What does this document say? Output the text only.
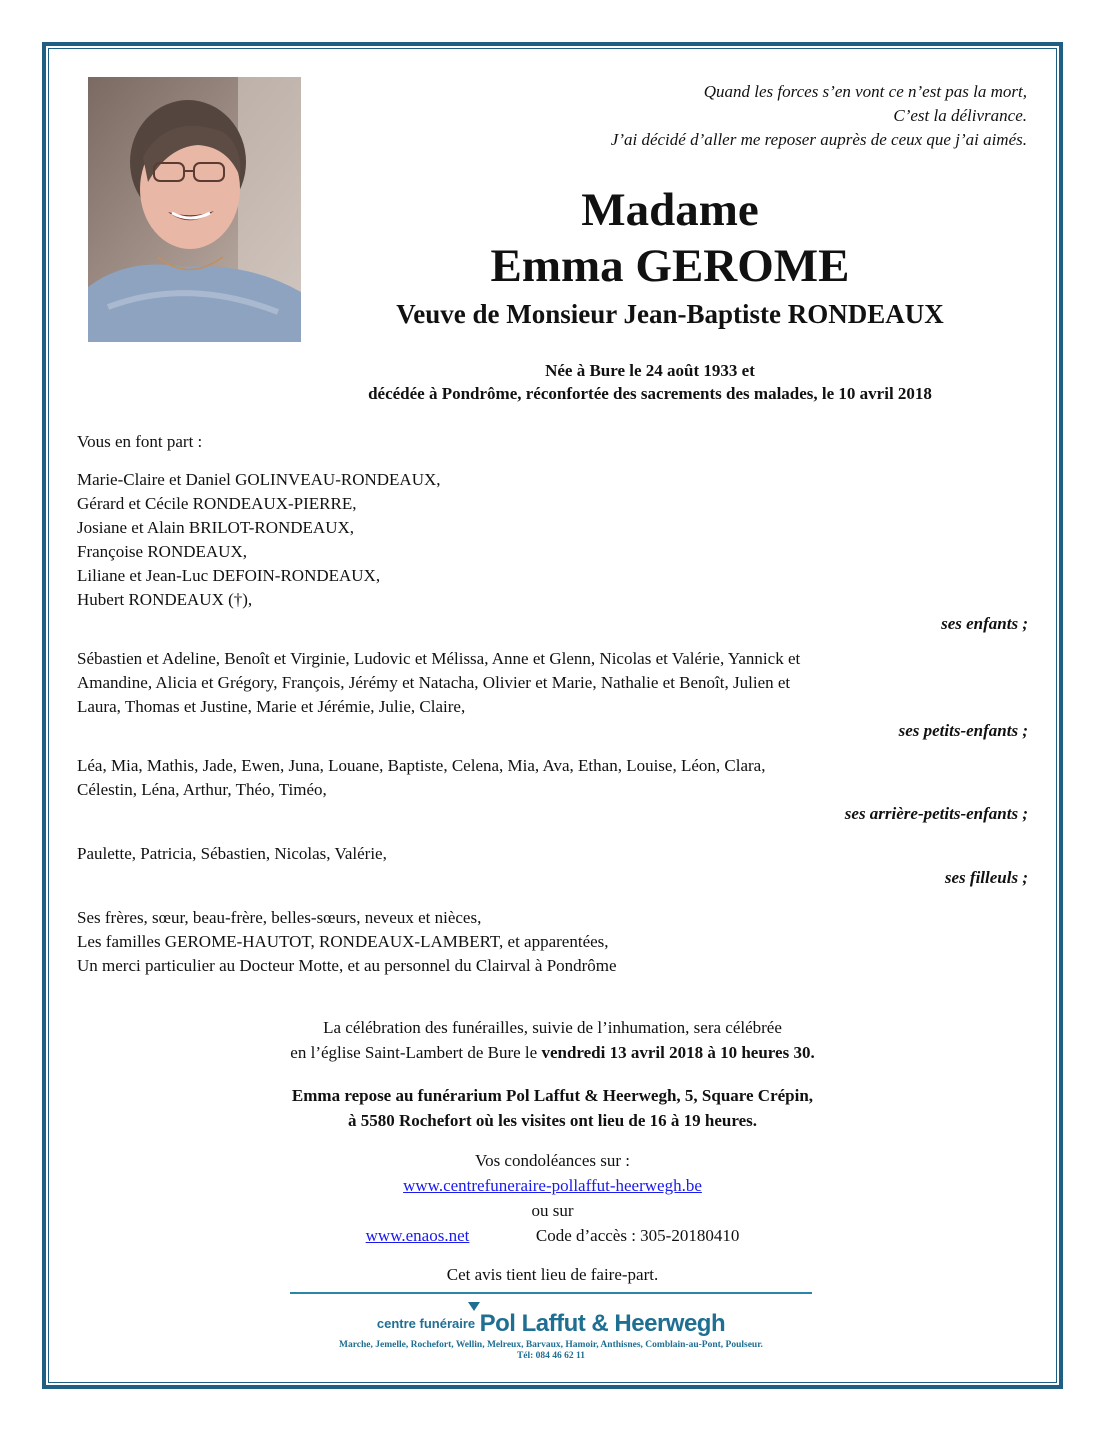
Quand les forces s’en vont ce n’est pas la mort,
C’est la délivrance.
J’ai décidé d’aller me reposer auprès de ceux que j’ai aimés.
Madame
Emma GEROME
Veuve de Monsieur Jean-Baptiste RONDEAUX
Née à Bure le 24 août 1933 et
décédée à Pondrôme, réconfortée des sacrements des malades, le 10 avril 2018

Vous en font part :

Marie-Claire et Daniel GOLINVEAU-RONDEAUX,

Gérard et Cécile RONDEAUX-PIERRE,

Josiane et Alain BRILOT-RONDEAUX,

Françoise RONDEAUX,

Liliane et Jean-Luc DEFOIN-RONDEAUX,

Hubert RONDEAUX (†),

ses enfants ;

Sébastien et Adeline, Benoît et Virginie, Ludovic et Mélissa, Anne et Glenn, Nicolas et Valérie, Yannick et

Amandine, Alicia et Grégory, François, Jérémy et Natacha, Olivier et Marie, Nathalie et Benoît, Julien et

Laura, Thomas et Justine, Marie et Jérémie, Julie, Claire,

ses petits-enfants ;

Léa, Mia, Mathis, Jade, Ewen, Juna, Louane, Baptiste, Celena, Mia, Ava, Ethan, Louise, Léon, Clara,

Célestin, Léna, Arthur, Théo, Timéo,

ses arrière-petits-enfants ;

Paulette, Patricia, Sébastien, Nicolas, Valérie,

ses filleuls ;

Ses frères, sœur, beau-frère, belles-sœurs, neveux et nièces,

Les familles GEROME-HAUTOT, RONDEAUX-LAMBERT, et apparentées,

Un merci particulier au Docteur Motte, et au personnel du Clairval à Pondrôme

La célébration des funérailles, suivie de l’inhumation, sera célébrée
en l’église Saint-Lambert de Bure le vendredi 13 avril 2018 à 10 heures 30.
Emma repose au funérarium Pol Laffut & Heerwegh, 5, Square Crépin,
à 5580 Rochefort où les visites ont lieu de 16 à 19 heures.
Vos condoléances sur :
www.centrefuneraire-pollaffut-heerwegh.be
ou sur
www.enaos.net	Code d’accès : 305-20180410
Cet avis tient lieu de faire-part.
centre funéraire Pol Laffut & Heerwegh
Marche, Jemelle, Rochefort, Wellin, Melreux, Barvaux, Hamoir, Anthisnes, Comblain-au-Pont, Poulseur.
Tél: 084 46 62 11
